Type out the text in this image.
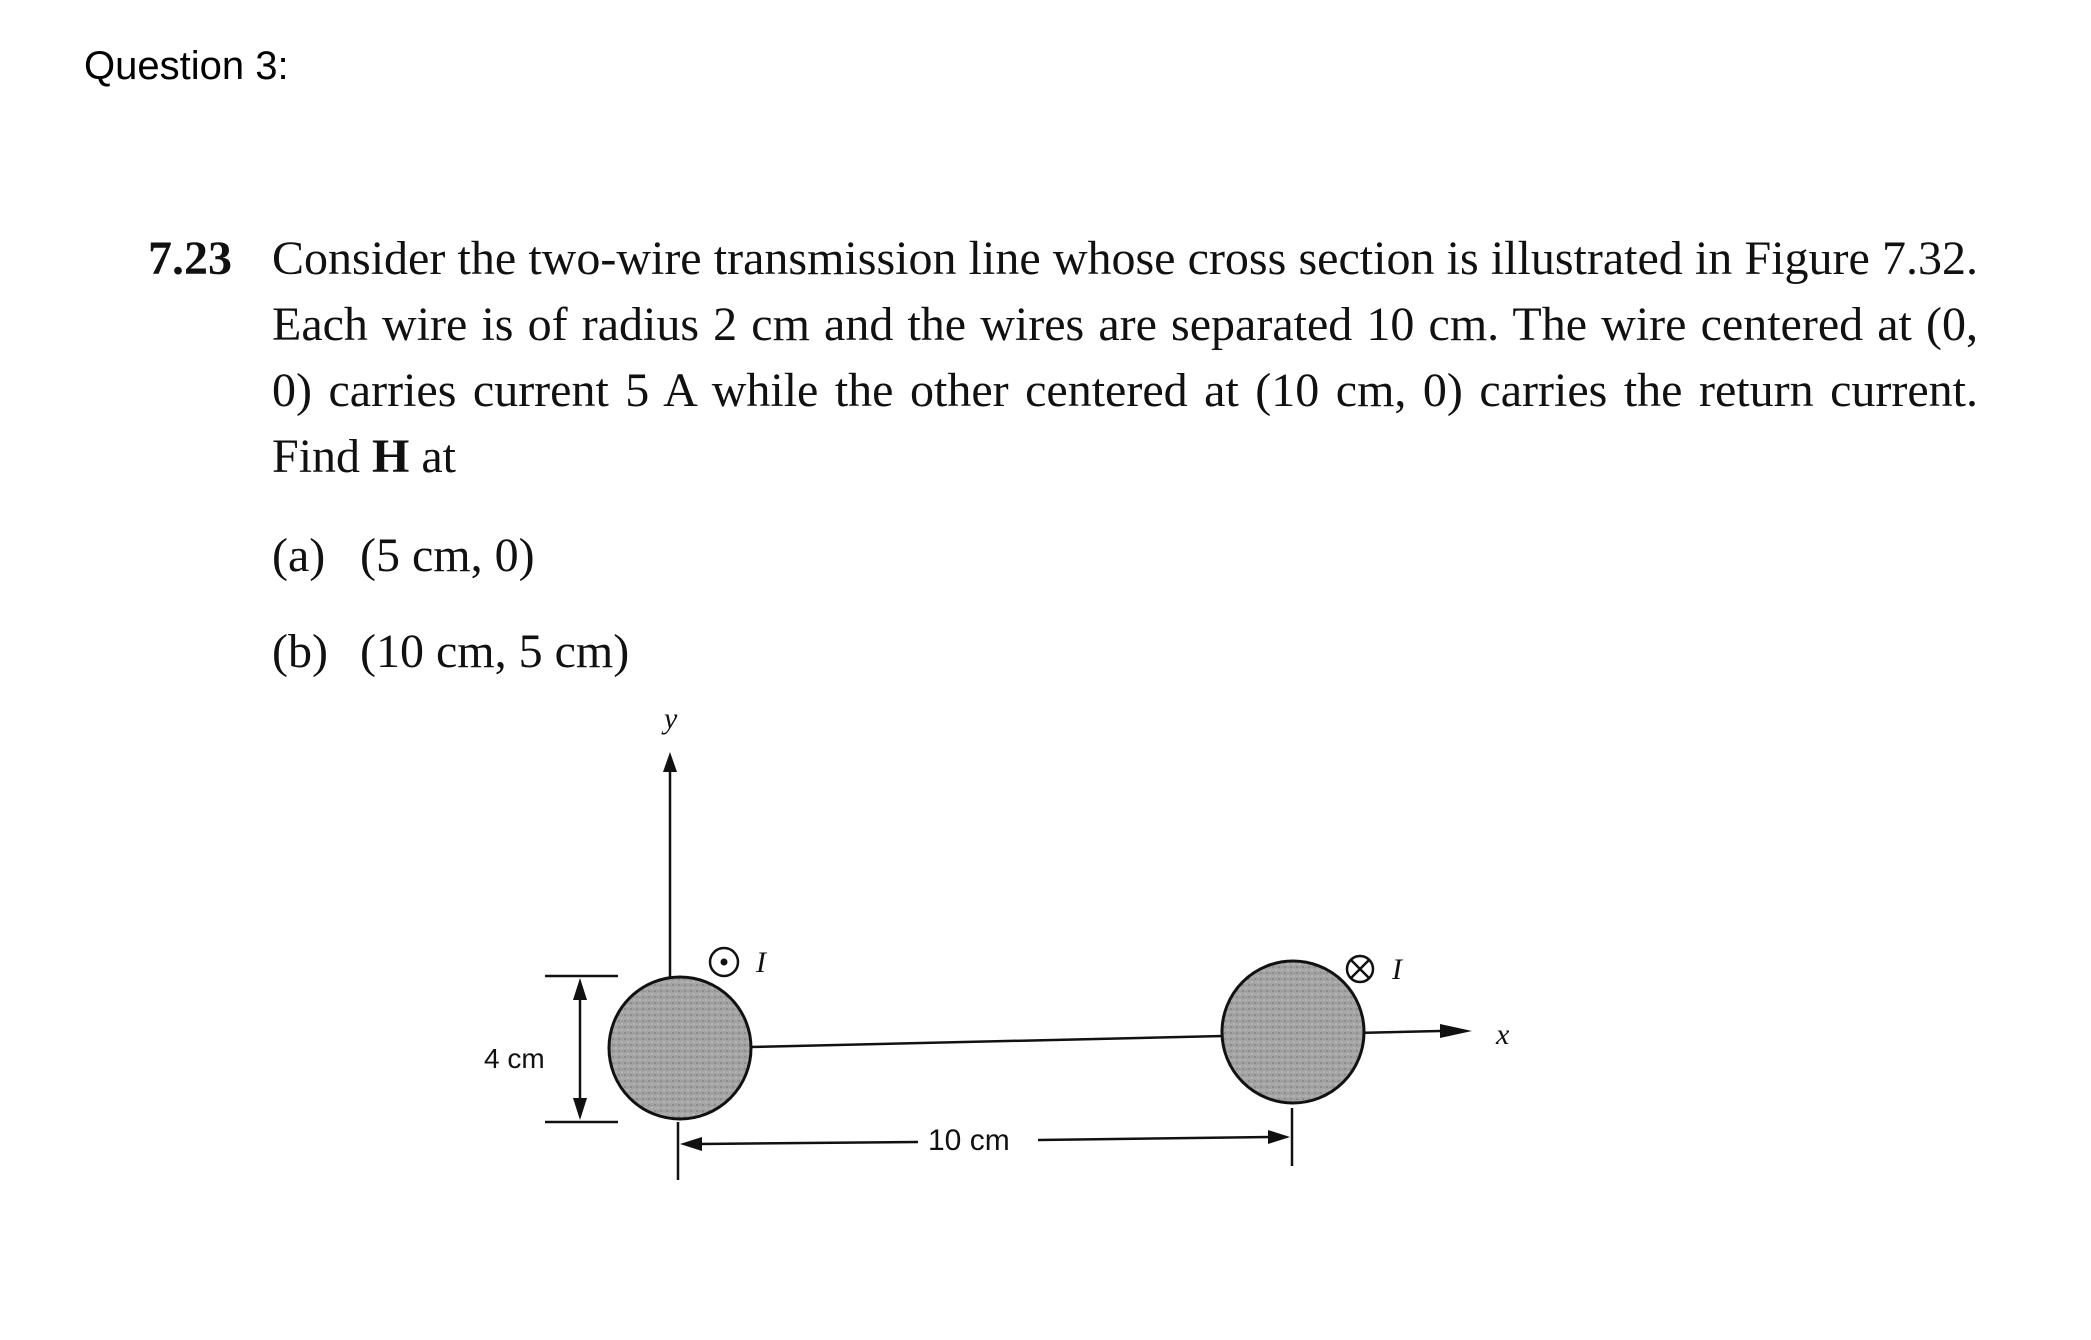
Question 3:
7.23 Consider the two-wire transmission line whose cross section is illustrated in Figure 7.32. Each wire is of radius 2 cm and the wires are separated 10 cm. The wire centered at (0, 0) carries current 5 A while the other centered at (10 cm, 0) carries the return current. Find H at
(a) (5 cm, 0)
(b) (10 cm, 5 cm)
y
x
I	I
4 cm
10 cm
